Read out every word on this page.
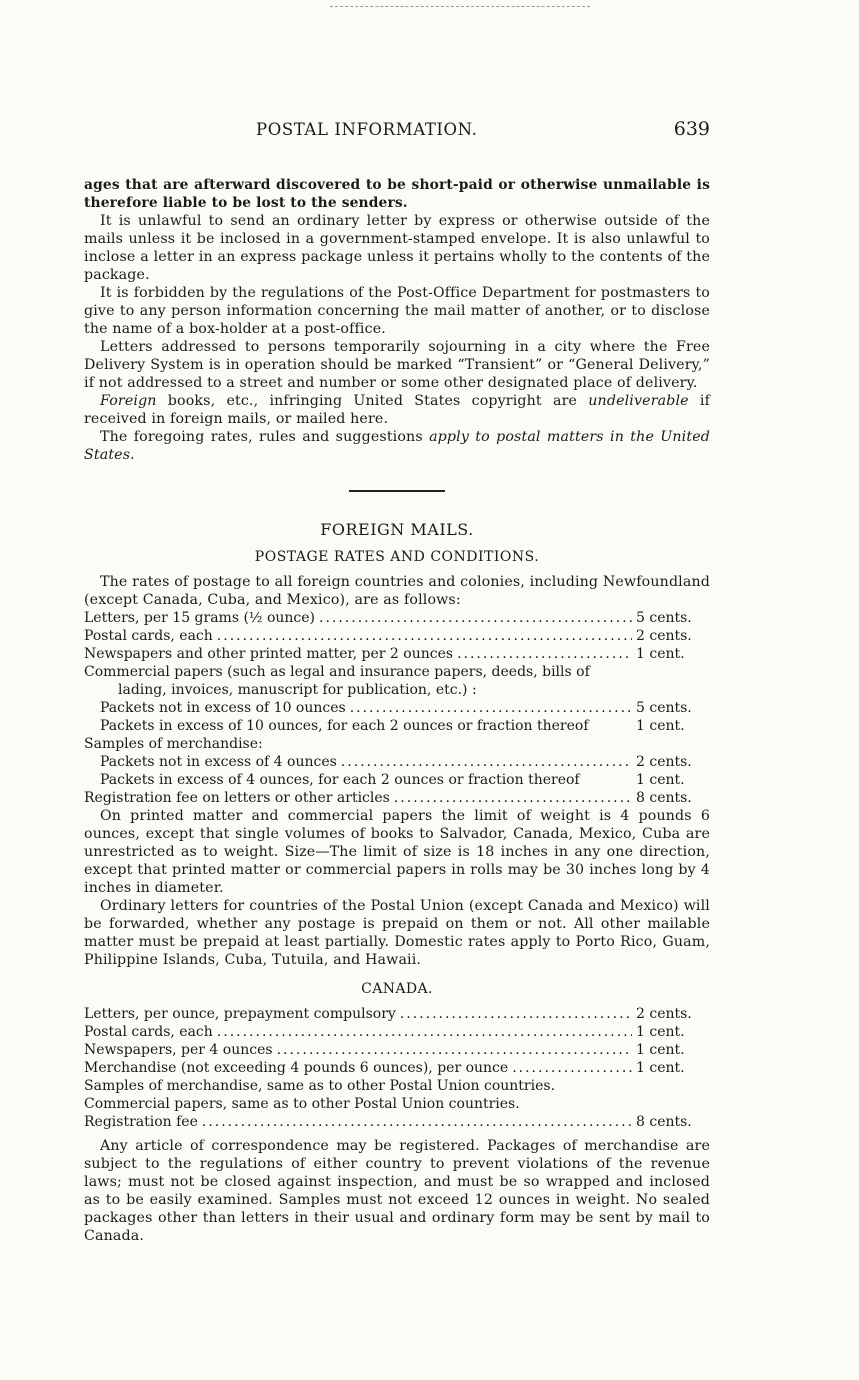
POSTAL INFORMATION.	639

ages that are afterward discovered to be short-paid or otherwise unmailable is therefore liable to be lost to the senders.

It is unlawful to send an ordinary letter by express or otherwise outside of the mails unless it be inclosed in a government-stamped envelope. It is also unlawful to inclose a letter in an express package unless it pertains wholly to the contents of the package.

It is forbidden by the regulations of the Post-Office Department for postmasters to give to any person information concerning the mail matter of another, or to disclose the name of a box-holder at a post-office.

Letters addressed to persons temporarily sojourning in a city where the Free Delivery System is in operation should be marked “Transient” or “General Delivery,” if not addressed to a street and number or some other designated place of delivery.

Foreign books, etc., infringing United States copyright are undeliverable if received in foreign mails, or mailed here.

The foregoing rates, rules and suggestions apply to postal matters in the United States.

FOREIGN MAILS.
POSTAGE RATES AND CONDITIONS.

The rates of postage to all foreign countries and colonies, including Newfoundland (except Canada, Cuba, and Mexico), are as follows:

Letters, per 15 grams (½ ounce) .....	5 cents.
Postal cards, each .....	2 cents.
Newspapers and other printed matter, per 2 ounces .....	1 cent.
Commercial papers (such as legal and insurance papers, deeds, bills of
lading, invoices, manuscript for publication, etc.) :
Packets not in excess of 10 ounces .....	5 cents.
Packets in excess of 10 ounces, for each 2 ounces or fraction thereof	1 cent.
Samples of merchandise:
Packets not in excess of 4 ounces .....	2 cents.
Packets in excess of 4 ounces, for each 2 ounces or fraction thereof	1 cent.
Registration fee on letters or other articles .....	8 cents.

On printed matter and commercial papers the limit of weight is 4 pounds 6 ounces, except that single volumes of books to Salvador, Canada, Mexico, Cuba are unrestricted as to weight. Size—The limit of size is 18 inches in any one direction, except that printed matter or commercial papers in rolls may be 30 inches long by 4 inches in diameter.

Ordinary letters for countries of the Postal Union (except Canada and Mexico) will be forwarded, whether any postage is prepaid on them or not. All other mailable matter must be prepaid at least partially. Domestic rates apply to Porto Rico, Guam, Philippine Islands, Cuba, Tutuila, and Hawaii.

CANADA.
Letters, per ounce, prepayment compulsory .....	2 cents.
Postal cards, each .....	1 cent.
Newspapers, per 4 ounces .....	1 cent.
Merchandise (not exceeding 4 pounds 6 ounces), per ounce .....	1 cent.
Samples of merchandise, same as to other Postal Union countries.
Commercial papers, same as to other Postal Union countries.
Registration fee .....	8 cents.

Any article of correspondence may be registered. Packages of merchandise are subject to the regulations of either country to prevent violations of the revenue laws; must not be closed against inspection, and must be so wrapped and inclosed as to be easily examined. Samples must not exceed 12 ounces in weight. No sealed packages other than letters in their usual and ordinary form may be sent by mail to Canada.
